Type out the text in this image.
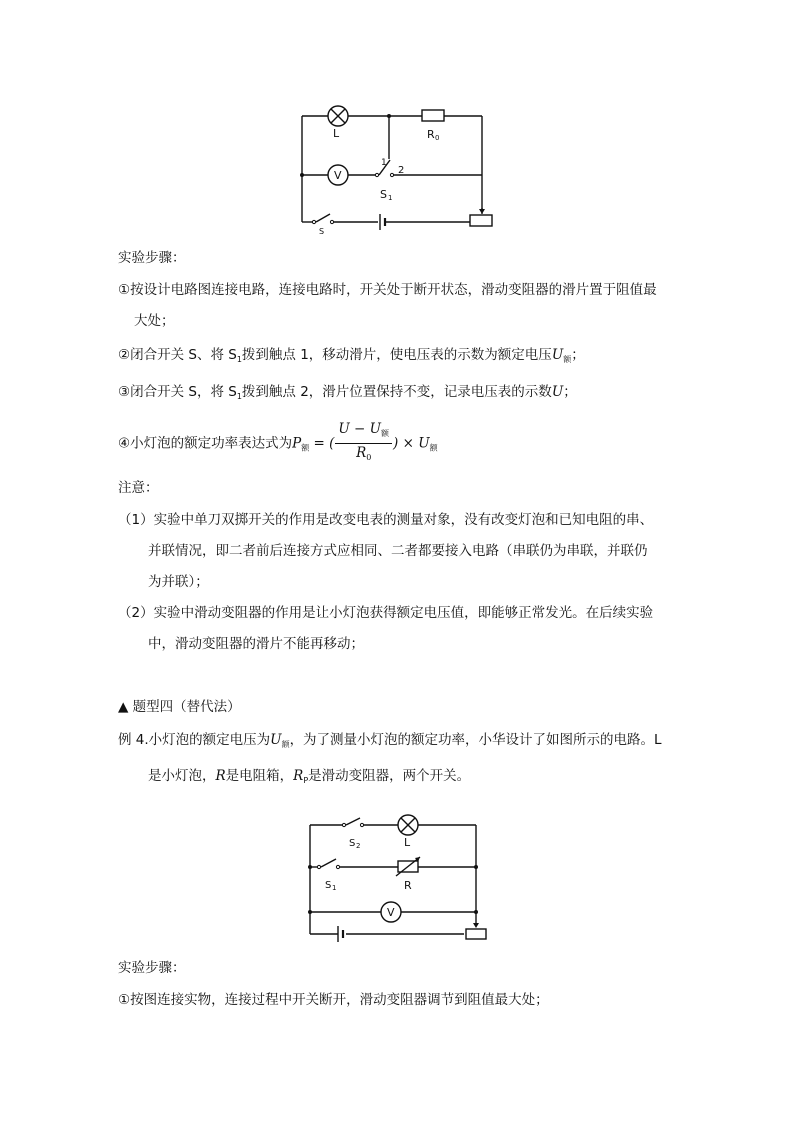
L	R 0
V
1
2
S 1
S
实验步骤：
①按设计电路图连接电路，连接电路时，开关处于断开状态，滑动变阻器的滑片置于阻值最
大处；
②闭合开关 S、将 $S_1$拨到触点 1，移动滑片，使电压表的示数为额定电压$U_额$；
③闭合开关 S，将 $S_1$拨到触点 2，滑片位置保持不变，记录电压表的示数U；
④小灯泡的额定功率表达式为$P_额$ = ( $\frac{U - U_额}{R_0}$ ) × $U_额$
注意：
（1）实验中单刀双掷开关的作用是改变电表的测量对象，没有改变灯泡和已知电阻的串、
并联情况，即二者前后连接方式应相同、二者都要接入电路（串联仍为串联，并联仍
为并联）；
（2）实验中滑动变阻器的作用是让小灯泡获得额定电压值，即能够正常发光。在后续实验
中，滑动变阻器的滑片不能再移动；
▲ 题型四（替代法）
例 4.小灯泡的额定电压为$U_额$，为了测量小灯泡的额定功率，小华设计了如图所示的电路。L
是小灯泡，R是电阻箱，$R_P$是滑动变阻器，两个开关。
S 2	L
S 1	R
V
实验步骤：
①按图连接实物，连接过程中开关断开，滑动变阻器调节到阻值最大处；
